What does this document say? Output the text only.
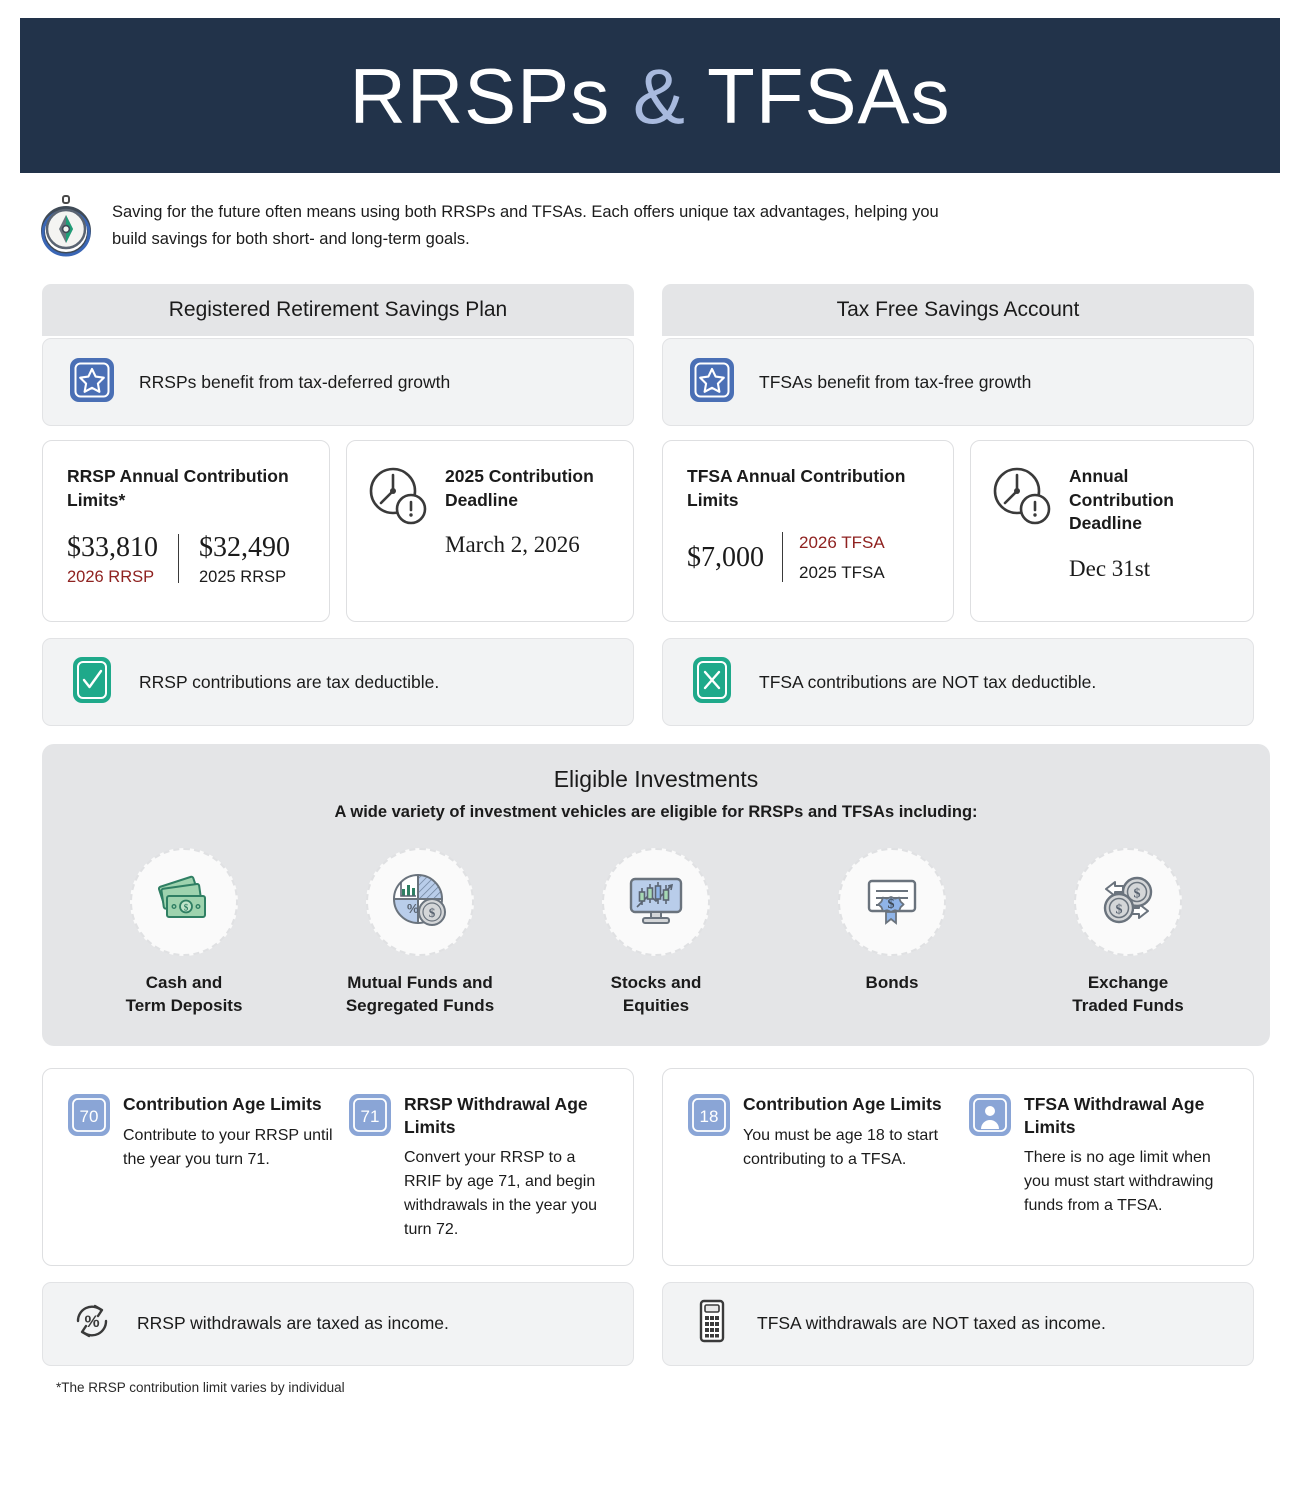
RRSPs & TFSAs
Saving for the future often means using both RRSPs and TFSAs. Each offers unique tax advantages, helping you build savings for both short- and long-term goals.
Registered Retirement Savings Plan
RRSPs benefit from tax-deferred growth
RRSP Annual Contribution Limits*
$33,810
2026 RRSP
$32,490
2025 RRSP
2025 Contribution Deadline
March 2, 2026
RRSP contributions are tax deductible.
Tax Free Savings Account
TFSAs benefit from tax-free growth
TFSA Annual Contribution Limits
$7,000 2026 TFSA
2025 TFSA
Annual Contribution Deadline
Dec 31st
TFSA contributions are NOT tax deductible.
Eligible Investments
A wide variety of investment vehicles are eligible for RRSPs and TFSAs including:
$
Cash and
Term Deposits
% $
Mutual Funds and
Segregated Funds
Stocks and
Equities
$
Bonds
$
$
Exchange
Traded Funds
70
Contribution Age Limits
Contribute to your RRSP until the year you turn 71.
71
RRSP Withdrawal Age Limits
Convert your RRSP to a RRIF by age 71, and begin withdrawals in the year you turn 72.
% RRSP withdrawals are taxed as income.
18
Contribution Age Limits
You must be age 18 to start contributing to a TFSA.
TFSA Withdrawal Age Limits
There is no age limit when you must start withdrawing funds from a TFSA.
TFSA withdrawals are NOT taxed as income.
*The RRSP contribution limit varies by individual
